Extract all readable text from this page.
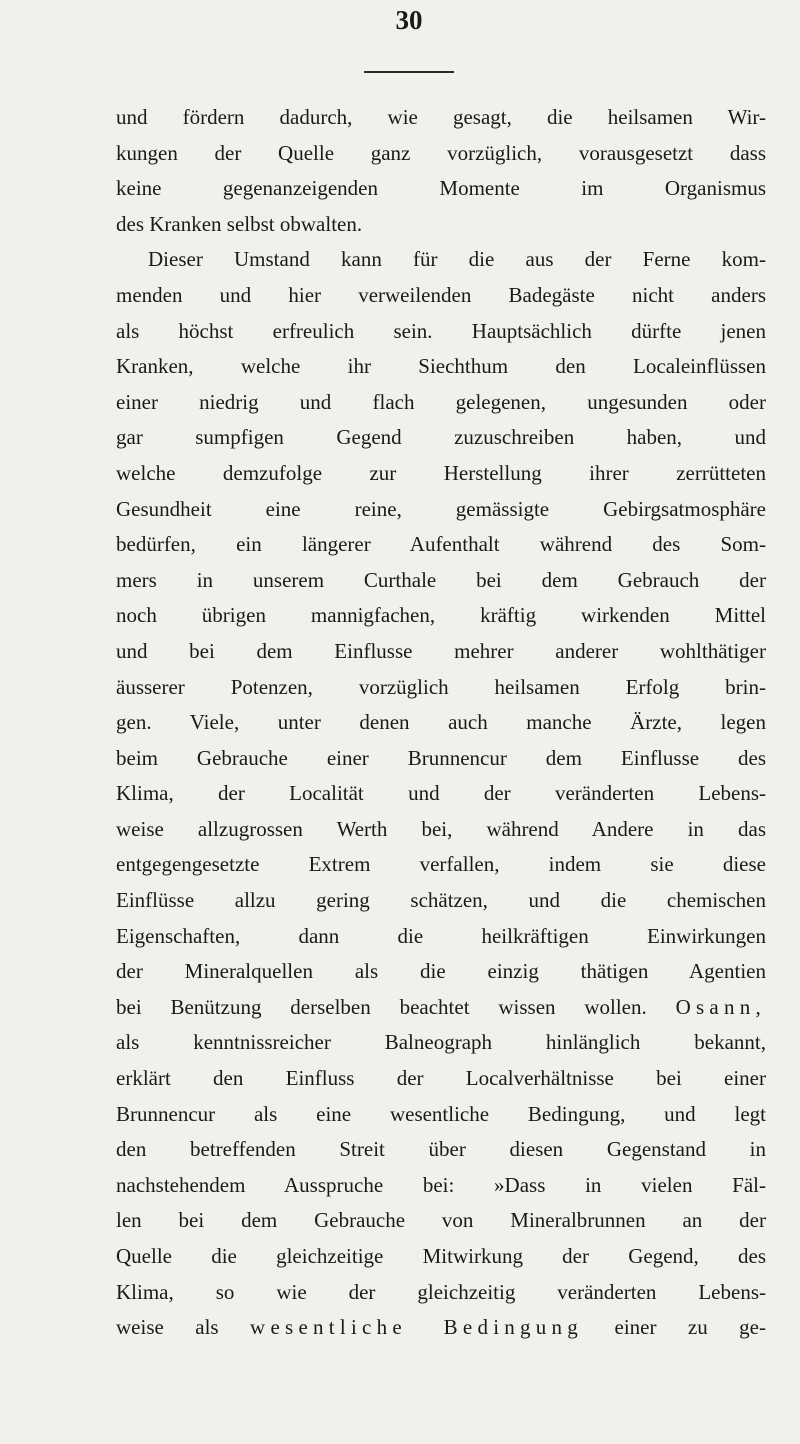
30
und fördern dadurch, wie gesagt, die heilsamen Wir-
kungen der Quelle ganz vorzüglich, vorausgesetzt dass
keine gegenanzeigenden Momente im Organismus
des Kranken selbst obwalten.
Dieser Umstand kann für die aus der Ferne kom-
menden und hier verweilenden Badegäste nicht anders
als höchst erfreulich sein. Hauptsächlich dürfte jenen
Kranken, welche ihr Siechthum den Localeinflüssen
einer niedrig und flach gelegenen, ungesunden oder
gar sumpfigen Gegend zuzuschreiben haben, und
welche demzufolge zur Herstellung ihrer zerrütteten
Gesundheit eine reine, gemässigte Gebirgsatmosphäre
bedürfen, ein längerer Aufenthalt während des Som-
mers in unserem Curthale bei dem Gebrauch der
noch übrigen mannigfachen, kräftig wirkenden Mittel
und bei dem Einflusse mehrer anderer wohlthätiger
äusserer Potenzen, vorzüglich heilsamen Erfolg brin-
gen. Viele, unter denen auch manche Ärzte, legen
beim Gebrauche einer Brunnencur dem Einflusse des
Klima, der Localität und der veränderten Lebens-
weise allzugrossen Werth bei, während Andere in das
entgegengesetzte Extrem verfallen, indem sie diese
Einflüsse allzu gering schätzen, und die chemischen
Eigenschaften, dann die heilkräftigen Einwirkungen
der Mineralquellen als die einzig thätigen Agentien
bei Benützung derselben beachtet wissen wollen. Osann,
als kenntnissreicher Balneograph hinlänglich bekannt,
erklärt den Einfluss der Localverhältnisse bei einer
Brunnencur als eine wesentliche Bedingung, und legt
den betreffenden Streit über diesen Gegenstand in
nachstehendem Ausspruche bei: »Dass in vielen Fäl-
len bei dem Gebrauche von Mineralbrunnen an der
Quelle die gleichzeitige Mitwirkung der Gegend, des
Klima, so wie der gleichzeitig veränderten Lebens-
weise als wesentliche Bedingung einer zu ge-
